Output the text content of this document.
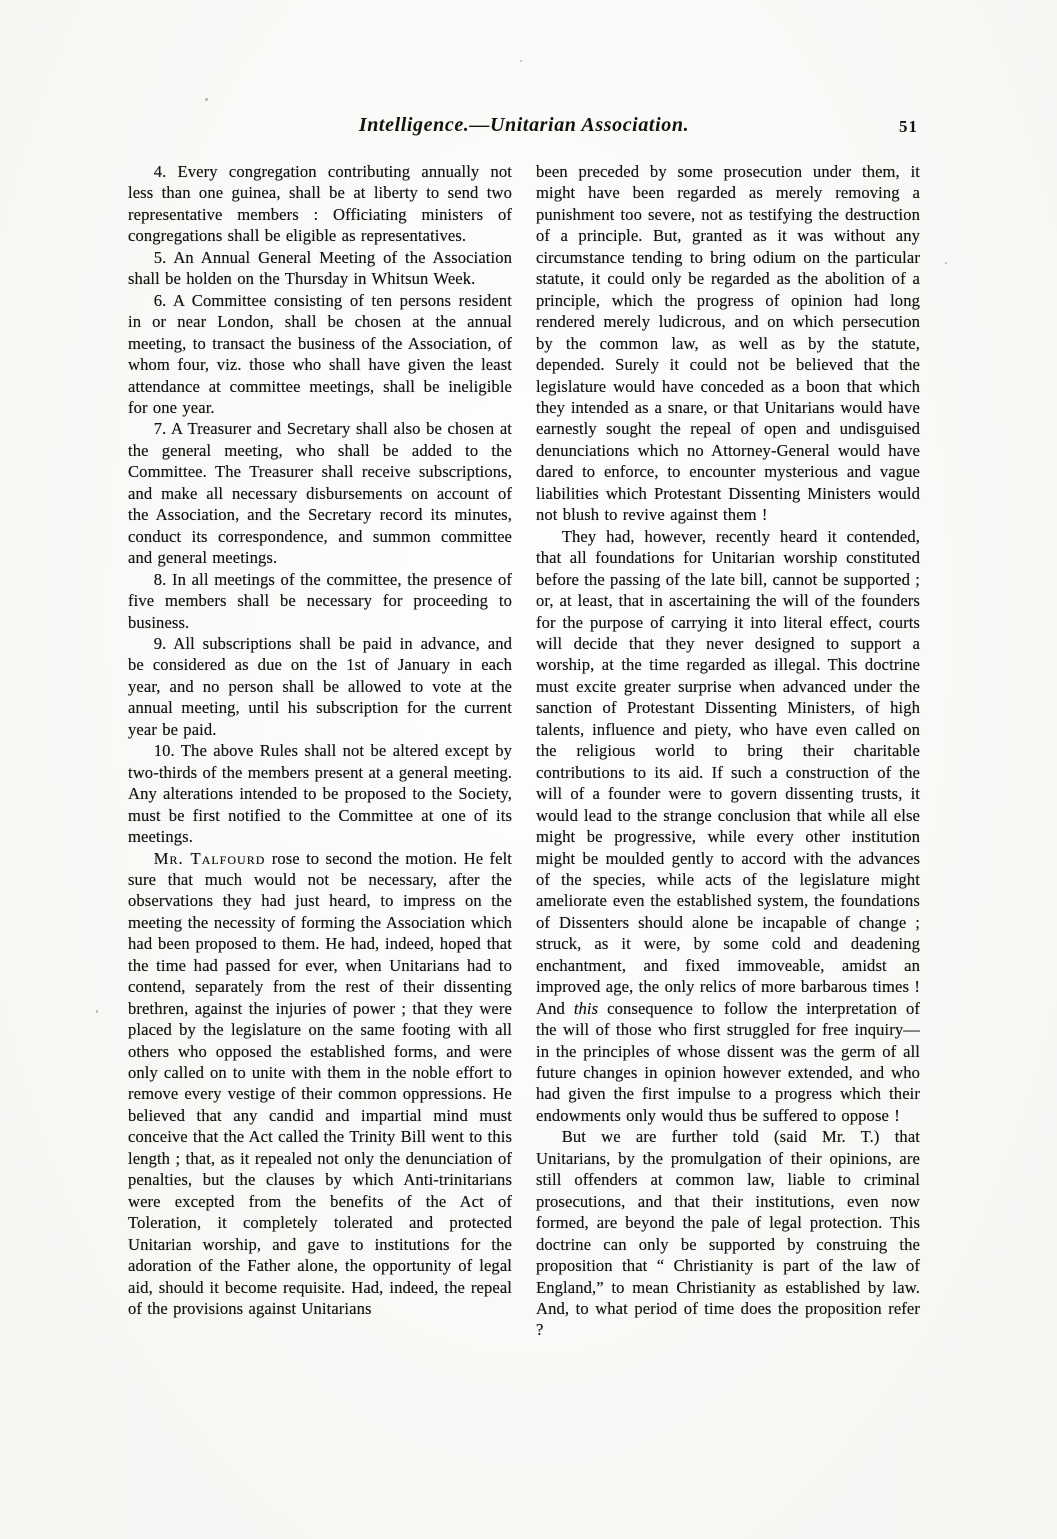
Intelligence.—Unitarian Association.	51

4. Every congregation contributing annually not less than one guinea, shall be at liberty to send two representative members : Officiating ministers of congregations shall be eligible as representatives.

5. An Annual General Meeting of the Association shall be holden on the Thursday in Whitsun Week.

6. A Committee consisting of ten persons resident in or near London, shall be chosen at the annual meeting, to transact the business of the Association, of whom four, viz. those who shall have given the least attendance at committee meetings, shall be ineligible for one year.

7. A Treasurer and Secretary shall also be chosen at the general meeting, who shall be added to the Committee. The Treasurer shall receive subscriptions, and make all necessary disbursements on account of the Association, and the Secretary record its minutes, conduct its correspondence, and summon committee and general meetings.

8. In all meetings of the committee, the presence of five members shall be necessary for proceeding to business.

9. All subscriptions shall be paid in advance, and be considered as due on the 1st of January in each year, and no person shall be allowed to vote at the annual meeting, until his subscription for the current year be paid.

10. The above Rules shall not be altered except by two-thirds of the members present at a general meeting. Any alterations intended to be proposed to the Society, must be first notified to the Committee at one of its meetings.

Mr. Talfourd rose to second the motion. He felt sure that much would not be necessary, after the observations they had just heard, to impress on the meeting the necessity of forming the Association which had been proposed to them. He had, indeed, hoped that the time had passed for ever, when Unitarians had to contend, separately from the rest of their dissenting brethren, against the injuries of power ; that they were placed by the legislature on the same footing with all others who opposed the established forms, and were only called on to unite with them in the noble effort to remove every vestige of their common oppressions. He believed that any candid and impartial mind must conceive that the Act called the Trinity Bill went to this length ; that, as it repealed not only the denunciation of penalties, but the clauses by which Anti-trinitarians were excepted from the benefits of the Act of Toleration, it completely tolerated and protected Unitarian worship, and gave to institutions for the adoration of the Father alone, the opportunity of legal aid, should it become requisite. Had, indeed, the repeal of the provisions against Unitarians

been preceded by some prosecution under them, it might have been regarded as merely removing a punishment too severe, not as testifying the destruction of a principle. But, granted as it was without any circumstance tending to bring odium on the particular statute, it could only be regarded as the abolition of a principle, which the progress of opinion had long rendered merely ludicrous, and on which persecution by the common law, as well as by the statute, depended. Surely it could not be believed that the legislature would have conceded as a boon that which they intended as a snare, or that Unitarians would have earnestly sought the repeal of open and undisguised denunciations which no Attorney-General would have dared to enforce, to encounter mysterious and vague liabilities which Protestant Dissenting Ministers would not blush to revive against them !

They had, however, recently heard it contended, that all foundations for Unitarian worship constituted before the passing of the late bill, cannot be supported ; or, at least, that in ascertaining the will of the founders for the purpose of carrying it into literal effect, courts will decide that they never designed to support a worship, at the time regarded as illegal. This doctrine must excite greater surprise when advanced under the sanction of Protestant Dissenting Ministers, of high talents, influence and piety, who have even called on the religious world to bring their charitable contributions to its aid. If such a construction of the will of a founder were to govern dissenting trusts, it would lead to the strange conclusion that while all else might be progressive, while every other institution might be moulded gently to accord with the advances of the species, while acts of the legislature might ameliorate even the established system, the foundations of Dissenters should alone be incapable of change ; struck, as it were, by some cold and deadening enchantment, and fixed immoveable, amidst an improved age, the only relics of more barbarous times ! And this consequence to follow the interpretation of the will of those who first struggled for free inquiry—in the principles of whose dissent was the germ of all future changes in opinion however extended, and who had given the first impulse to a progress which their endowments only would thus be suffered to oppose !

But we are further told (said Mr. T.) that Unitarians, by the promulgation of their opinions, are still offenders at common law, liable to criminal prosecutions, and that their institutions, even now formed, are beyond the pale of legal protection. This doctrine can only be supported by construing the proposition that “ Christianity is part of the law of England,” to mean Christianity as established by law. And, to what period of time does the proposition refer ?
